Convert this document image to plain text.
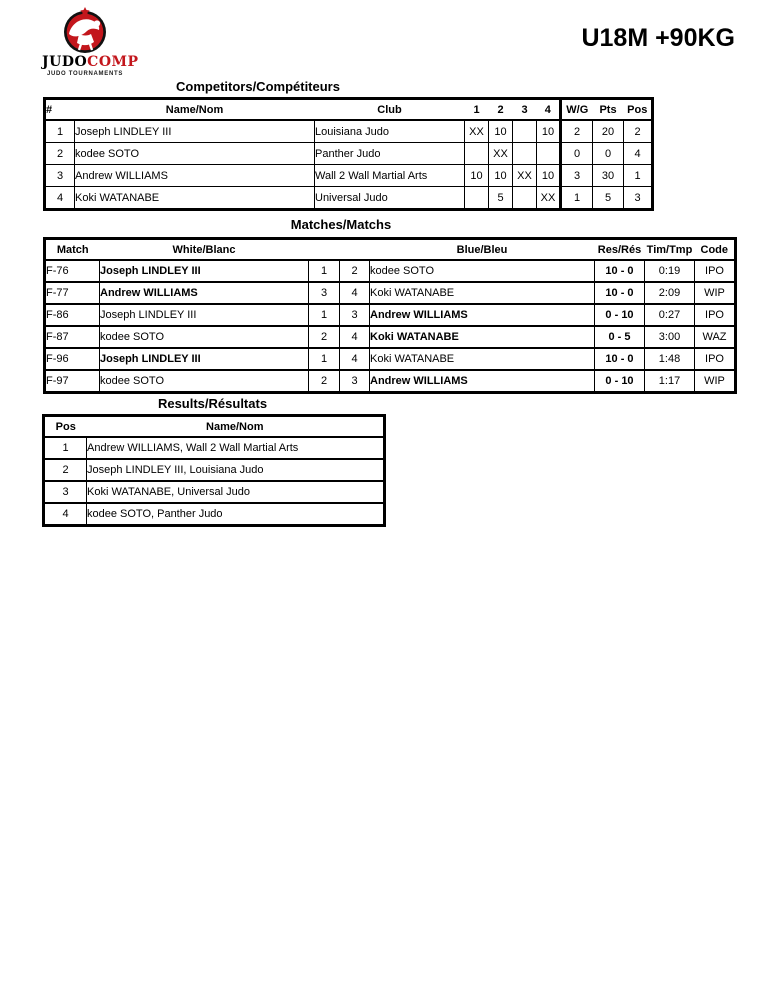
JUDOCOMP
JUDO TOURNAMENTS
U18M +90KG
Competitors/Compétiteurs
#	Name/Nom	Club	1	2	3	4	W/G	Pts	Pos
1	Joseph LINDLEY III	Louisiana Judo	XX	10		10	2	20	2
2	kodee SOTO	Panther Judo		XX			0	0	4
3	Andrew WILLIAMS	Wall 2 Wall Martial Arts	10	10	XX	10	3	30	1
4	Koki WATANABE	Universal Judo		5		XX	1	5	3
Matches/Matchs
Match	White/Blanc			Blue/Bleu	Res/Rés	Tim/Tmp	Code
F-76	Joseph LINDLEY III	1	2	kodee SOTO	10 - 0	0:19	IPO
F-77	Andrew WILLIAMS	3	4	Koki WATANABE	10 - 0	2:09	WIP
F-86	Joseph LINDLEY III	1	3	Andrew WILLIAMS	0 - 10	0:27	IPO
F-87	kodee SOTO	2	4	Koki WATANABE	0 - 5	3:00	WAZ
F-96	Joseph LINDLEY III	1	4	Koki WATANABE	10 - 0	1:48	IPO
F-97	kodee SOTO	2	3	Andrew WILLIAMS	0 - 10	1:17	WIP
Results/Résultats
Pos	Name/Nom
1	Andrew WILLIAMS, Wall 2 Wall Martial Arts
2	Joseph LINDLEY III, Louisiana Judo
3	Koki WATANABE, Universal Judo
4	kodee SOTO, Panther Judo
